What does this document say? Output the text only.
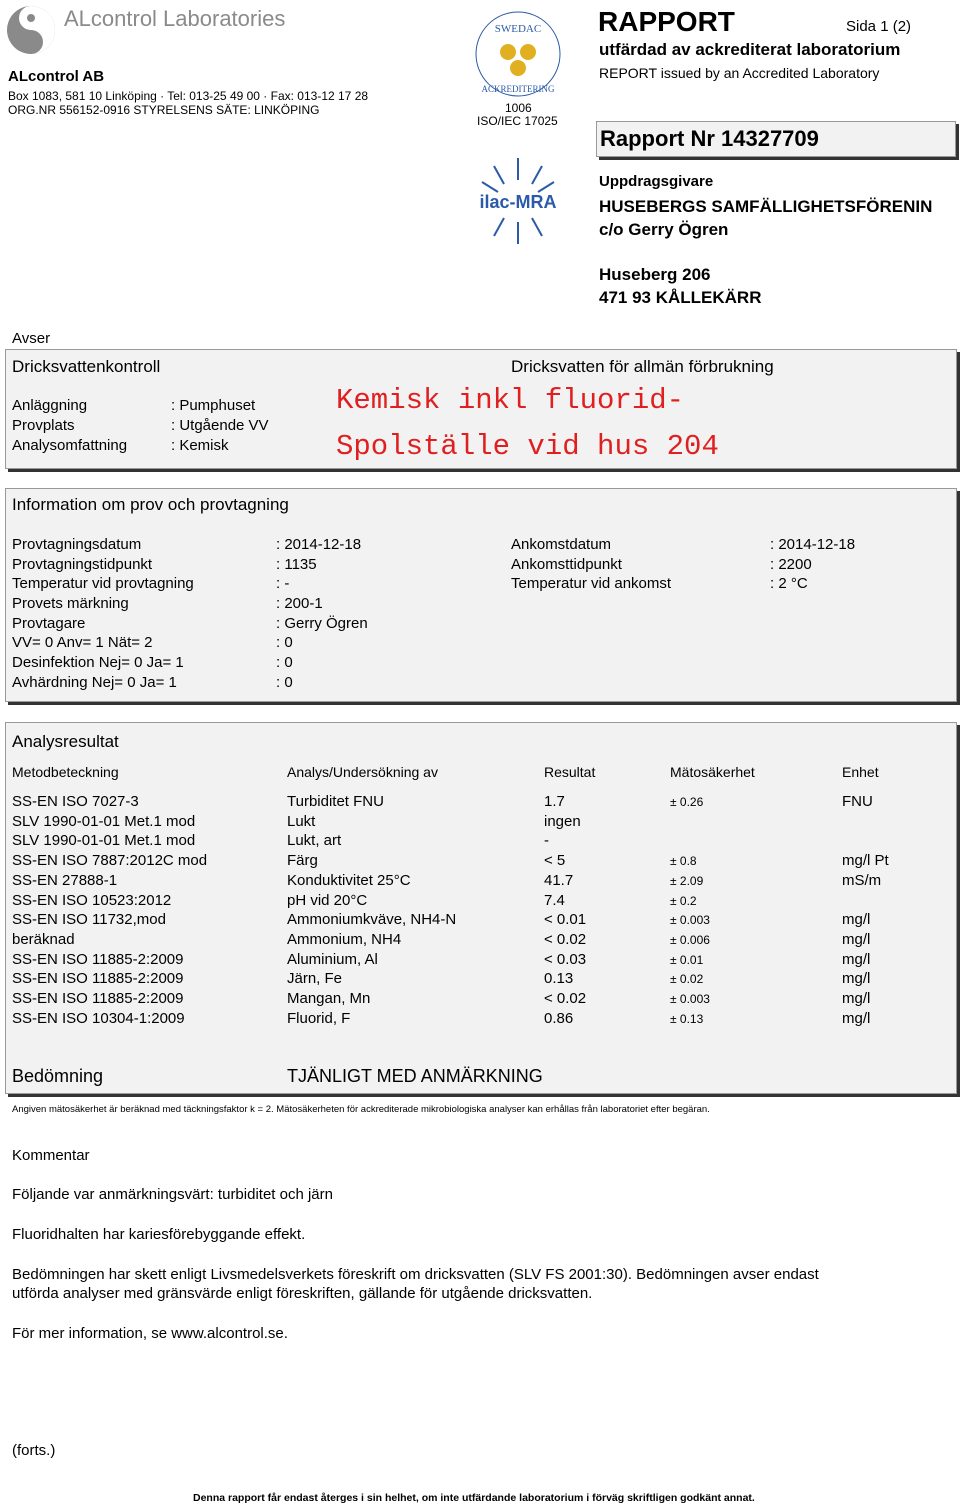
ALcontrol Laboratories
ALcontrol AB
Box 1083, 581 10 Linköping · Tel: 013-25 49 00 · Fax: 013-12 17 28
ORG.NR 556152-0916 STYRELSENS SÄTE: LINKÖPING
SWEDAC
ACKREDITERING
1006
ISO/IEC 17025
ilac-MRA
RAPPORT	Sida 1 (2)
utfärdad av ackrediterat laboratorium
REPORT issued by an Accredited Laboratory
Rapport Nr 14327709
Uppdragsgivare
HUSEBERGS SAMFÄLLIGHETSFÖRENIN
c/o Gerry Ögren
Huseberg 206
471 93 KÅLLEKÄRR
Avser
Dricksvattenkontroll	Dricksvatten för allmän förbrukning
Anläggning	: Pumphuset
Provplats	: Utgående VV
Analysomfattning	: Kemisk
Kemisk inkl fluorid-
Spolställe vid hus 204
Information om prov och provtagning
Provtagningsdatum	: 2014-12-18
Provtagningstidpunkt	: 1135
Temperatur vid provtagning	: -
Provets märkning	: 200-1
Provtagare	: Gerry Ögren
VV= 0 Anv= 1 Nät= 2	: 0
Desinfektion Nej= 0 Ja= 1	: 0
Avhärdning Nej= 0 Ja= 1	: 0
Ankomstdatum	: 2014-12-18
Ankomsttidpunkt	: 2200
Temperatur vid ankomst	: 2 °C
Analysresultat
Metodbeteckning	Analys/Undersökning av	Resultat	Mätosäkerhet	Enhet
SS-EN ISO 7027-3	Turbiditet FNU	1.7	± 0.26	FNU
SLV 1990-01-01 Met.1 mod	Lukt	ingen
SLV 1990-01-01 Met.1 mod	Lukt, art	-
SS-EN ISO 7887:2012C mod	Färg	< 5	± 0.8	mg/l Pt
SS-EN 27888-1	Konduktivitet 25°C	41.7	± 2.09	mS/m
SS-EN ISO 10523:2012	pH vid 20°C	7.4	± 0.2
SS-EN ISO 11732,mod	Ammoniumkväve, NH4-N	< 0.01	± 0.003	mg/l
beräknad	Ammonium, NH4	< 0.02	± 0.006	mg/l
SS-EN ISO 11885-2:2009	Aluminium, Al	< 0.03	± 0.01	mg/l
SS-EN ISO 11885-2:2009	Järn, Fe	0.13	± 0.02	mg/l
SS-EN ISO 11885-2:2009	Mangan, Mn	< 0.02	± 0.003	mg/l
SS-EN ISO 10304-1:2009	Fluorid, F	0.86	± 0.13	mg/l
Bedömning	TJÄNLIGT MED ANMÄRKNING
Angiven mätosäkerhet är beräknad med täckningsfaktor k = 2. Mätosäkerheten för ackrediterade mikrobiologiska analyser kan erhållas från laboratoriet efter begäran.
Kommentar
Följande var anmärkningsvärt: turbiditet och järn
Fluoridhalten har kariesförebyggande effekt.
Bedömningen har skett enligt Livsmedelsverkets föreskrift om dricksvatten (SLV FS 2001:30). Bedömningen avser endast
utförda analyser med gränsvärde enligt föreskriften, gällande för utgående dricksvatten.
För mer information, se www.alcontrol.se.
(forts.)
Denna rapport får endast återges i sin helhet, om inte utfärdande laboratorium i förväg skriftligen godkänt annat.
